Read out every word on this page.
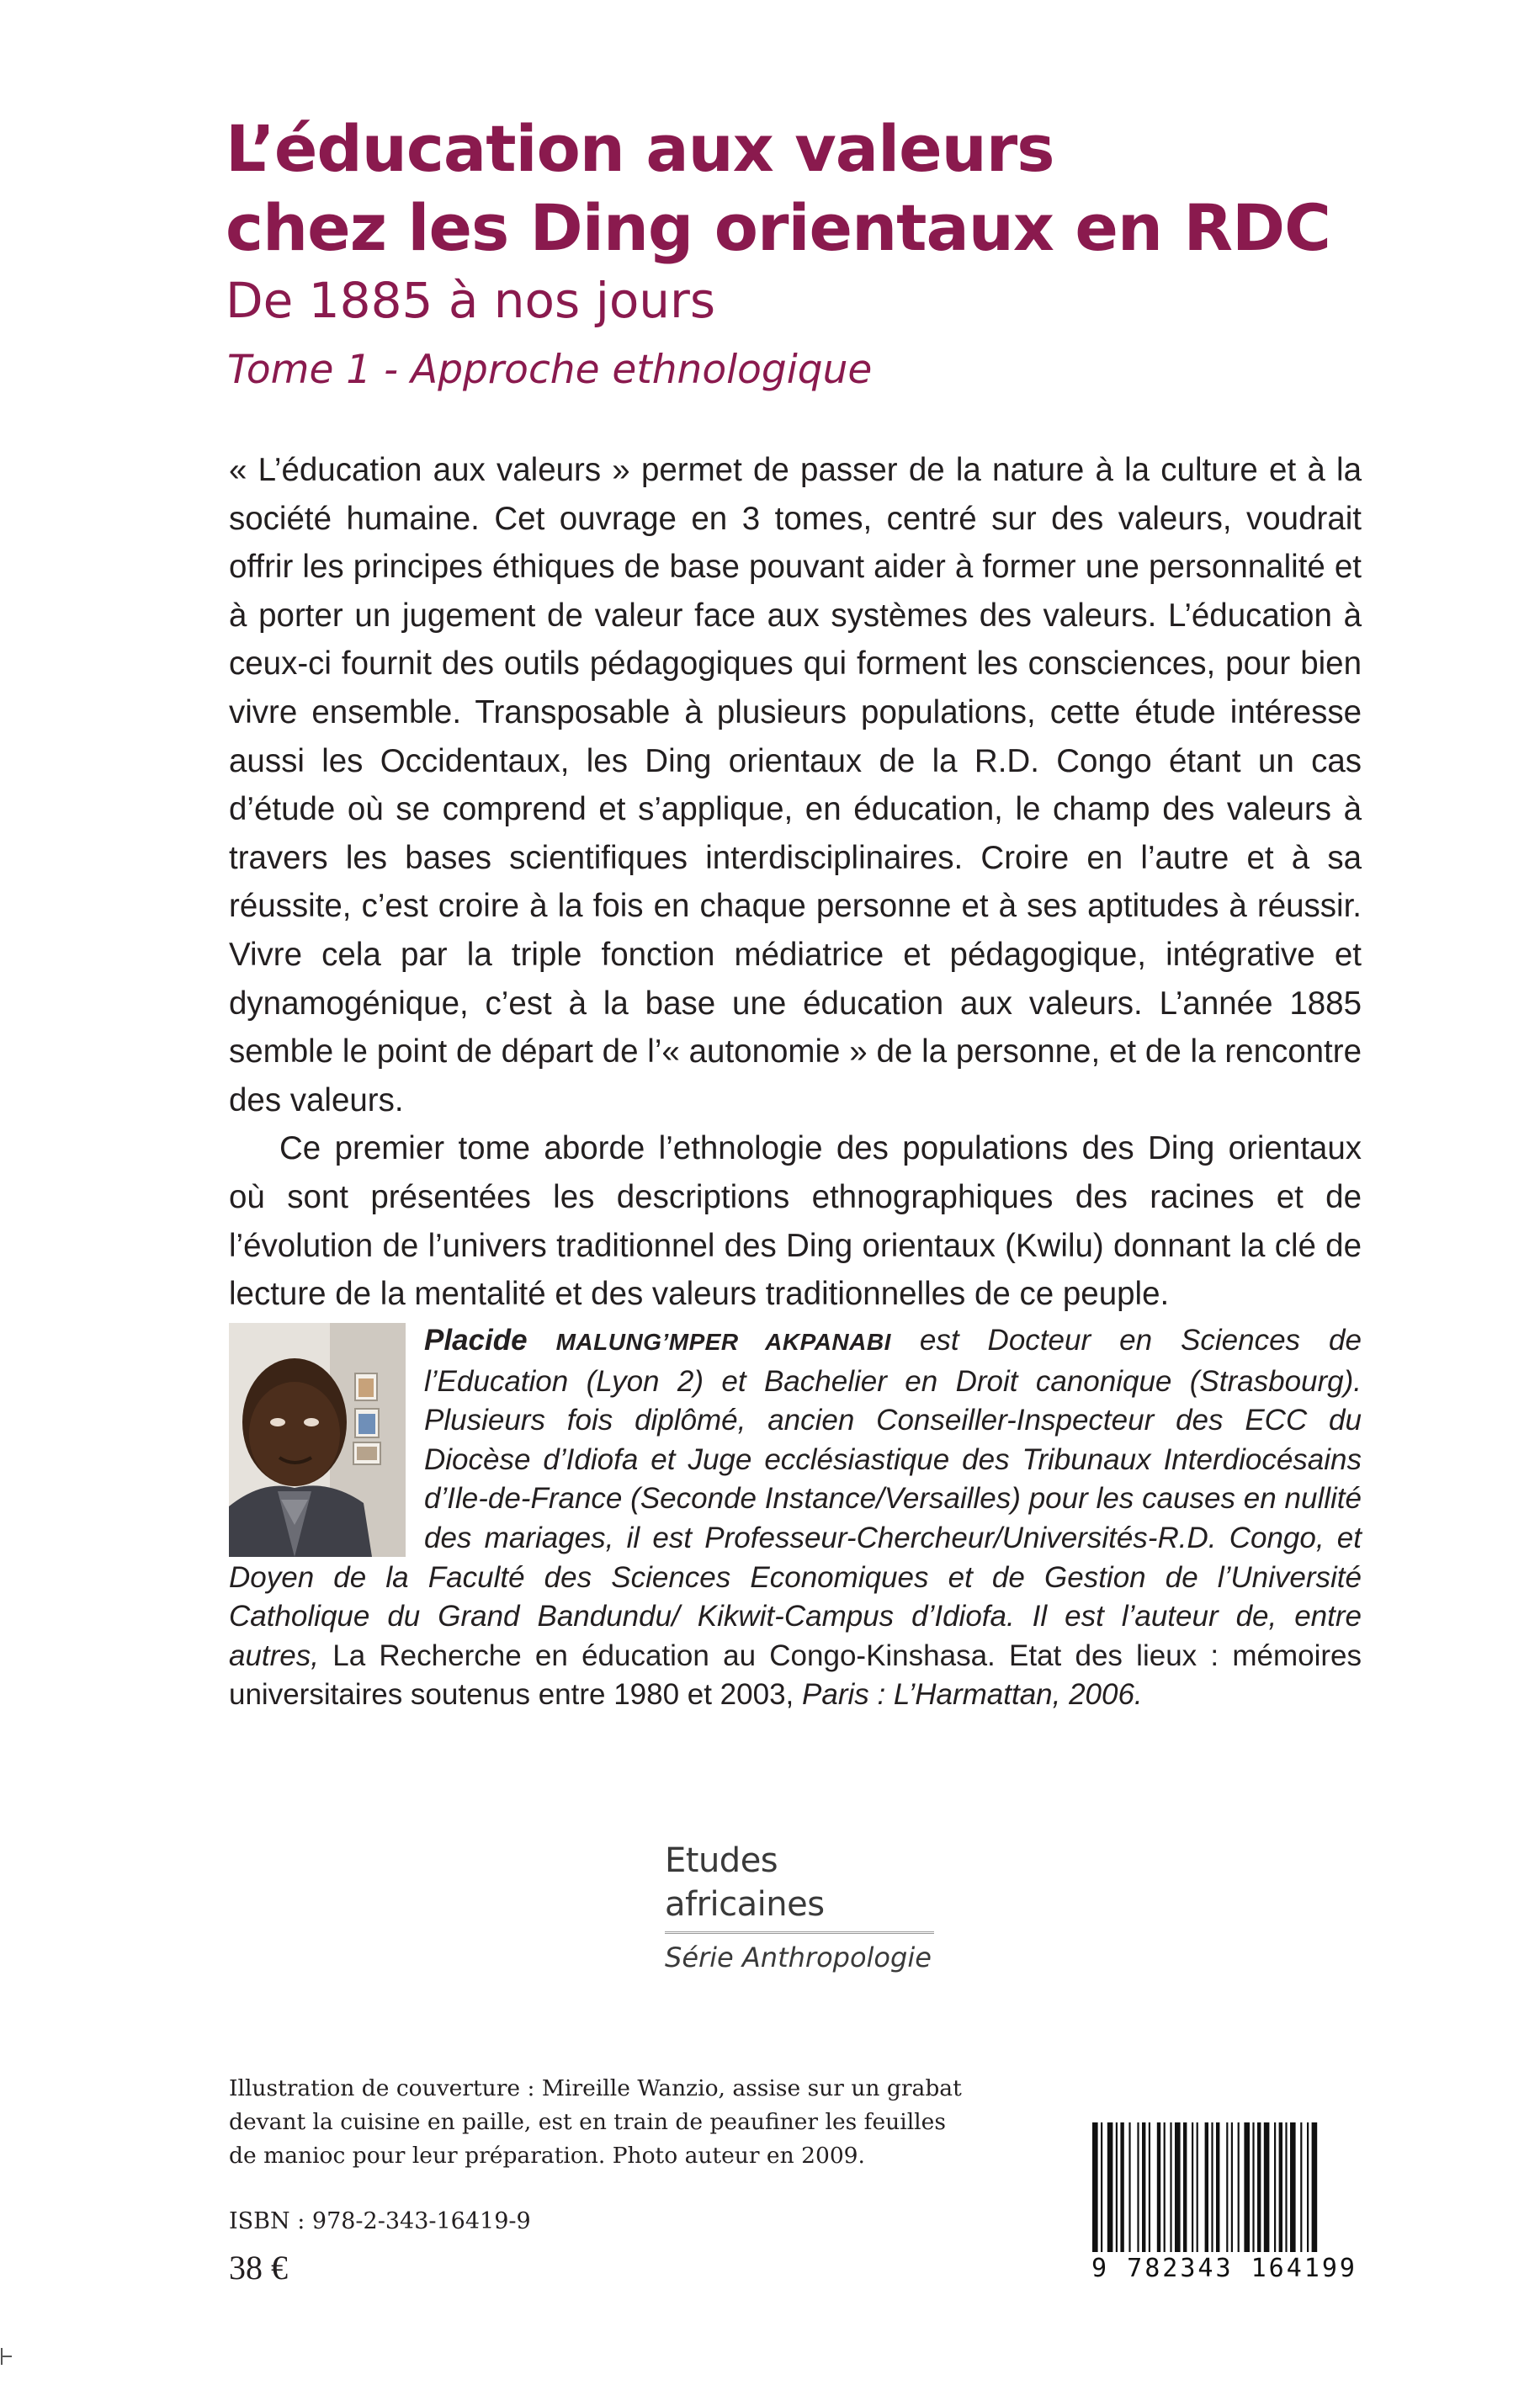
L’éducation aux valeurs
chez les Ding orientaux en RDC
De 1885 à nos jours
Tome 1 - Approche ethnologique

« L’éducation aux valeurs » permet de passer de la nature à la culture et à la société humaine. Cet ouvrage en 3 tomes, centré sur des valeurs, voudrait offrir les principes éthiques de base pouvant aider à former une personnalité et à porter un jugement de valeur face aux systèmes des valeurs. L’éducation à ceux-ci fournit des outils pédagogiques qui forment les consciences, pour bien vivre ensemble. Transposable à plusieurs populations, cette étude intéresse aussi les Occidentaux, les Ding orientaux de la R.D. Congo étant un cas d’étude où se comprend et s’applique, en éducation, le champ des valeurs à travers les bases scientifiques interdisciplinaires. Croire en l’autre et à sa réussite, c’est croire à la fois en chaque personne et à ses aptitudes à réussir. Vivre cela par la triple fonction médiatrice et pédagogique, intégrative et dynamogénique, c’est à la base une éducation aux valeurs. L’année 1885 semble le point de départ de l’« autonomie » de la personne, et de la rencontre des valeurs.

Ce premier tome aborde l’ethnologie des populations des Ding orientaux où sont présentées les descriptions ethnographiques des racines et de l’évolution de l’univers traditionnel des Ding orientaux (Kwilu) donnant la clé de lecture de la mentalité et des valeurs traditionnelles de ce peuple.

Placide MALUNG’MPER AKPANABI est Docteur en Sciences de l’Education (Lyon 2) et Bachelier en Droit canonique (Strasbourg). Plusieurs fois diplômé, ancien Conseiller-Inspecteur des ECC du Diocèse d’Idiofa et Juge ecclésiastique des Tribunaux Interdiocésains d’Ile-de-France (Seconde Instance/Versailles) pour les causes en nullité des mariages, il est Professeur-Chercheur/Universités-R.D. Congo, et Doyen de la Faculté des Sciences Economiques et de Gestion de l’Université Catholique du Grand Bandundu/ Kikwit-Campus d’Idiofa. Il est l’auteur de, entre autres, La Recherche en éducation au Congo-Kinshasa. Etat des lieux : mémoires universitaires soutenus entre 1980 et 2003, Paris : L’Harmattan, 2006.
Etudes africaines
Série Anthropologie
Illustration de couverture : Mireille Wanzio, assise sur un grabat
devant la cuisine en paille, est en train de peaufiner les feuilles
de manioc pour leur préparation. Photo auteur en 2009.
ISBN : 978-2-343-16419-9
38 €	9 782343 164199
